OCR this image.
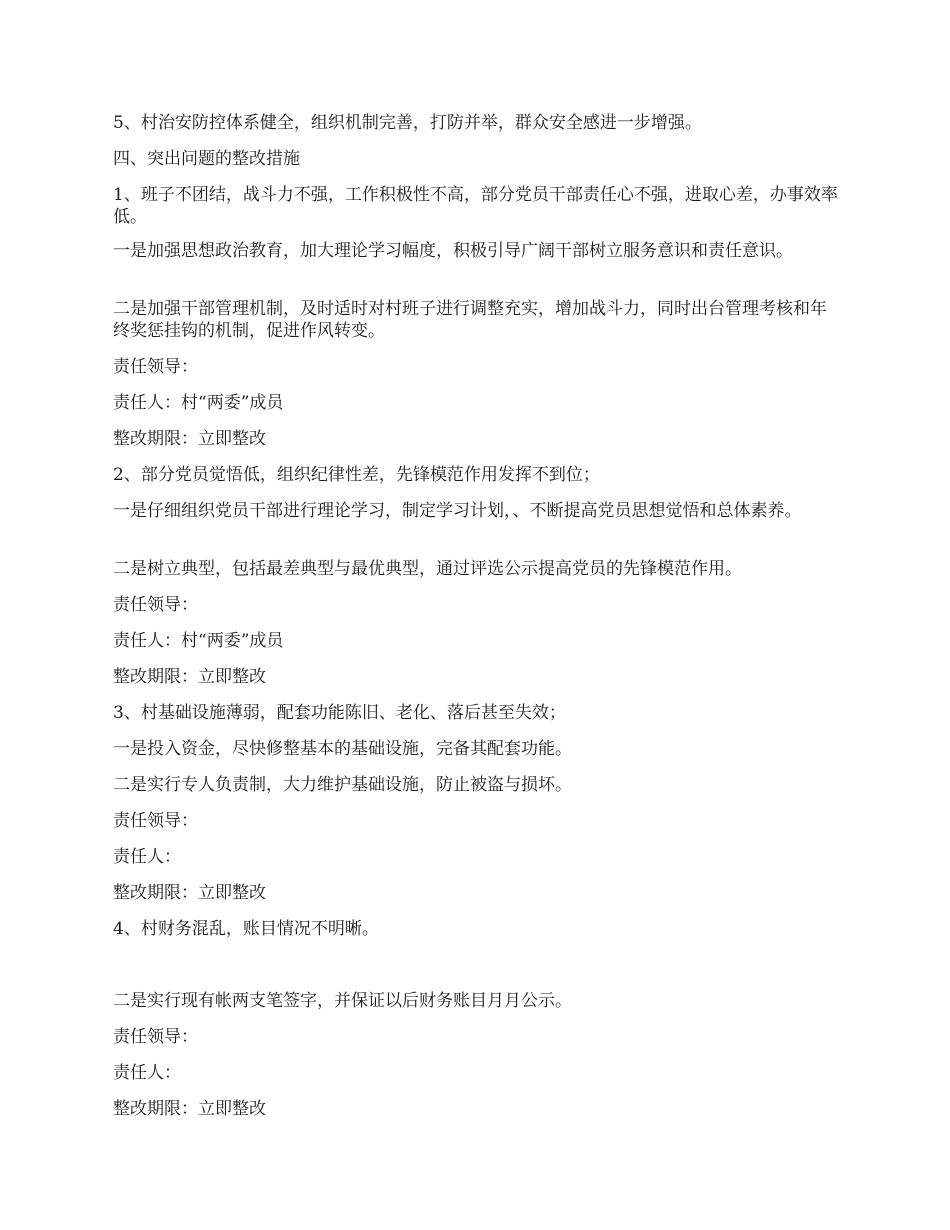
5、村治安防控体系健全，组织机制完善，打防并举，群众安全感进一步增强。

四、突出问题的整改措施

1、班子不团结，战斗力不强，工作积极性不高，部分党员干部责任心不强，进取心差，办事效率低。

一是加强思想政治教育，加大理论学习幅度，积极引导广阔干部树立服务意识和责任意识。

二是加强干部管理机制，及时适时对村班子进行调整充实，增加战斗力，同时出台管理考核和年终奖惩挂钩的机制，促进作风转变。

责任领导：

责任人：村“两委”成员

整改期限：立即整改

2、部分党员觉悟低，组织纪律性差，先锋模范作用发挥不到位；

一是仔细组织党员干部进行理论学习，制定学习计划，、不断提高党员思想觉悟和总体素养。

二是树立典型，包括最差典型与最优典型，通过评选公示提高党员的先锋模范作用。

责任领导：

责任人：村“两委”成员

整改期限：立即整改

3、村基础设施薄弱，配套功能陈旧、老化、落后甚至失效；

一是投入资金，尽快修整基本的基础设施，完备其配套功能。

二是实行专人负责制，大力维护基础设施，防止被盗与损坏。

责任领导：

责任人：

整改期限：立即整改

4、村财务混乱，账目情况不明晰。

二是实行现有帐两支笔签字，并保证以后财务账目月月公示。

责任领导：

责任人：

整改期限：立即整改
